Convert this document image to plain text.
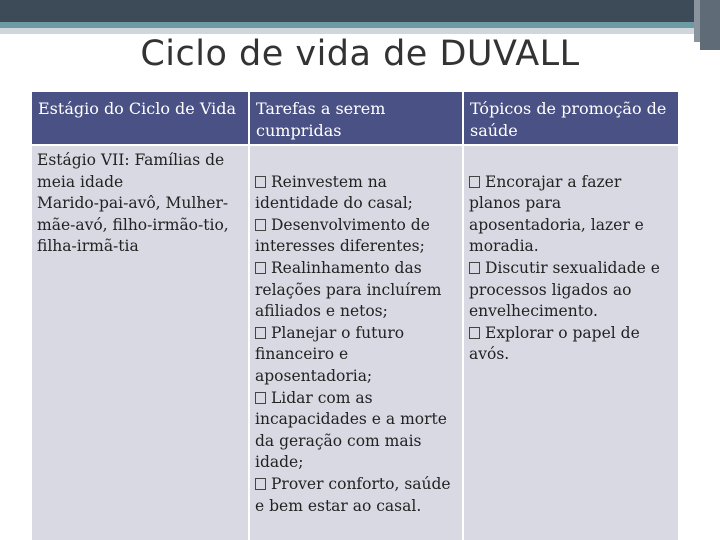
Ciclo de vida de DUVALL
Estágio do Ciclo de Vida	Tarefas a serem cumpridas
Tópicos de promoção de saúde
Estágio VII: Famílias de meia idade
Marido-pai-avô, Mulher-mãe-avó, filho-irmão-tio, filha-irmã-tia
Reinvestem na identidade do casal;
Desenvolvimento de interesses diferentes;
Realinhamento das relações para incluírem afiliados e netos;
Planejar o futuro financeiro e aposentadoria;
Lidar com as incapacidades e a morte da geração com mais idade;
Prover conforto, saúde e bem estar ao casal.
Encorajar a fazer planos para aposentadoria, lazer e moradia.
Discutir sexualidade e processos ligados ao envelhecimento.
Explorar o papel de avós.
